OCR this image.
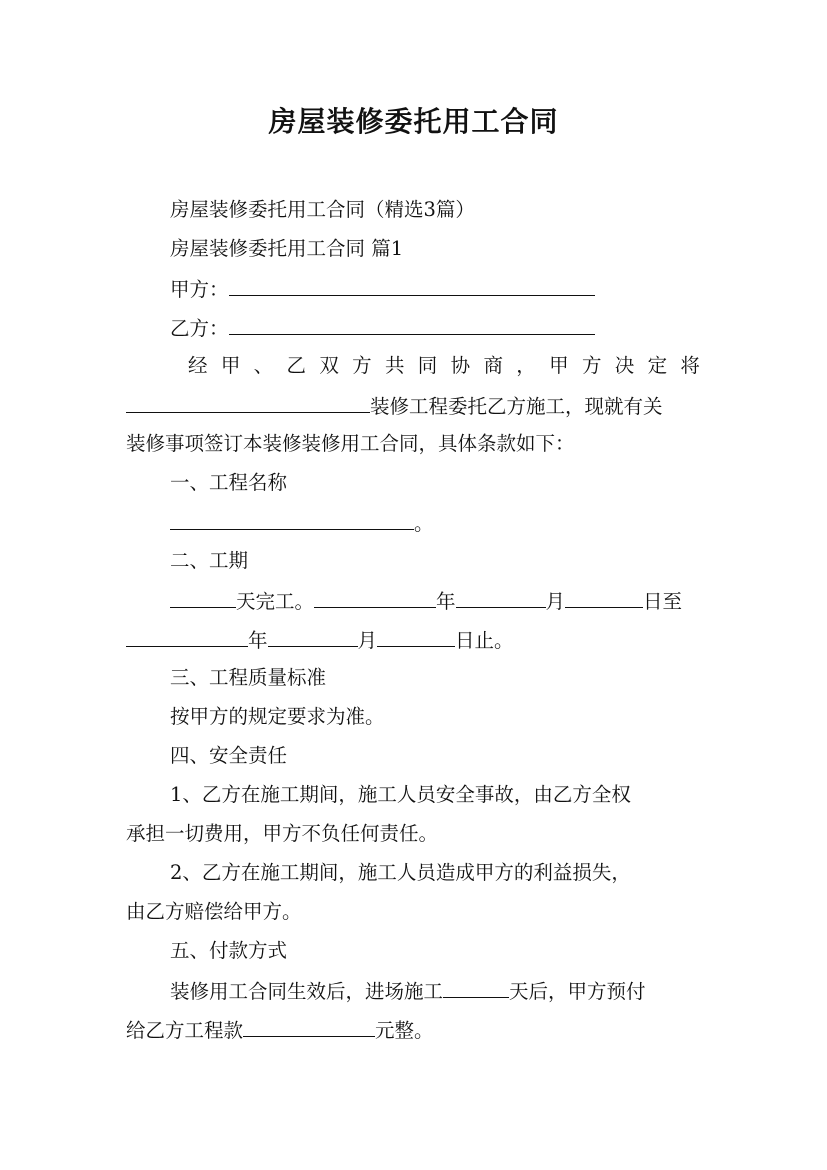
房屋装修委托用工合同
房屋装修委托用工合同（精选3篇）
房屋装修委托用工合同 篇1
甲方：
乙方：
经 甲 、 乙 双 方 共 同 协 商 ， 甲 方 决 定 将
装修工程委托乙方施工，现就有关
装修事项签订本装修装修用工合同，具体条款如下：
一、工程名称
。
二、工期
天完工。	年	月	日至
年	月	日止。
三、工程质量标准
按甲方的规定要求为准。
四、安全责任
1、乙方在施工期间，施工人员安全事故，由乙方全权
承担一切费用，甲方不负任何责任。
2、乙方在施工期间，施工人员造成甲方的利益损失，
由乙方赔偿给甲方。
五、付款方式
装修用工合同生效后，进场施工	天后，甲方预付
给乙方工程款	元整。
